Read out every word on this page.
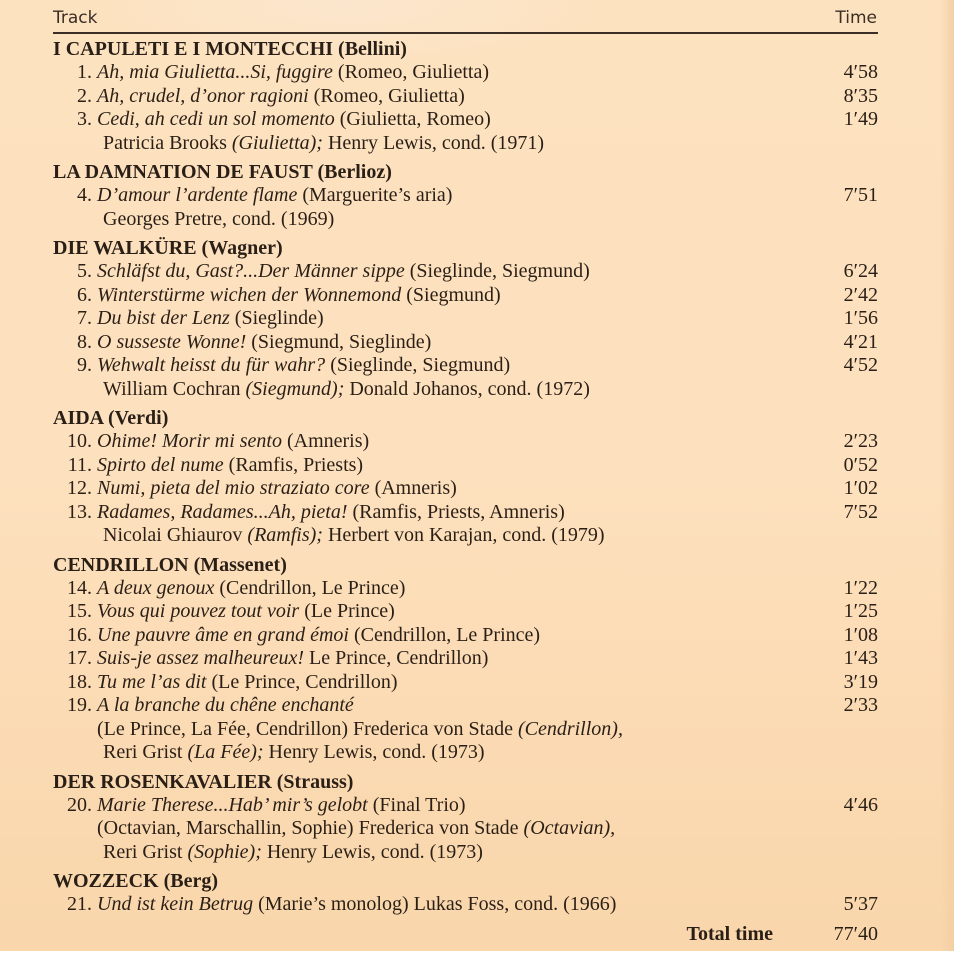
Track	Time
I CAPULETI E I MONTECCHI (Bellini)
1. Ah, mia Giulietta...Si, fuggire (Romeo, Giulietta)	4′58
2. Ah, crudel, d’onor ragioni (Romeo, Giulietta)	8′35
3. Cedi, ah cedi un sol momento (Giulietta, Romeo)	1′49
Patricia Brooks (Giulietta); Henry Lewis, cond. (1971)
LA DAMNATION DE FAUST (Berlioz)
4. D’amour l’ardente flame (Marguerite’s aria)	7′51
Georges Pretre, cond. (1969)
DIE WALKÜRE (Wagner)
5. Schläfst du, Gast?...Der Männer sippe (Sieglinde, Siegmund)	6′24
6. Winterstürme wichen der Wonnemond (Siegmund)	2′42
7. Du bist der Lenz (Sieglinde)	1′56
8. O susseste Wonne! (Siegmund, Sieglinde)	4′21
9. Wehwalt heisst du für wahr? (Sieglinde, Siegmund)	4′52
William Cochran (Siegmund); Donald Johanos, cond. (1972)
AIDA (Verdi)
10. Ohime! Morir mi sento (Amneris)	2′23
11. Spirto del nume (Ramfis, Priests)	0′52
12. Numi, pieta del mio straziato core (Amneris)	1′02
13. Radames, Radames...Ah, pieta! (Ramfis, Priests, Amneris)	7′52
Nicolai Ghiaurov (Ramfis); Herbert von Karajan, cond. (1979)
CENDRILLON (Massenet)
14. A deux genoux (Cendrillon, Le Prince)	1′22
15. Vous qui pouvez tout voir (Le Prince)	1′25
16. Une pauvre âme en grand émoi (Cendrillon, Le Prince)	1′08
17. Suis-je assez malheureux! Le Prince, Cendrillon)	1′43
18. Tu me l’as dit (Le Prince, Cendrillon)	3′19
19. A la branche du chêne enchanté	2′33
(Le Prince, La Fée, Cendrillon) Frederica von Stade (Cendrillon),
Reri Grist (La Fée); Henry Lewis, cond. (1973)
DER ROSENKAVALIER (Strauss)
20. Marie Therese...Hab’ mir’s gelobt (Final Trio)	4′46
(Octavian, Marschallin, Sophie) Frederica von Stade (Octavian),
Reri Grist (Sophie); Henry Lewis, cond. (1973)
WOZZECK (Berg)
21. Und ist kein Betrug (Marie’s monolog) Lukas Foss, cond. (1966)	5′37
Total time	77′40
